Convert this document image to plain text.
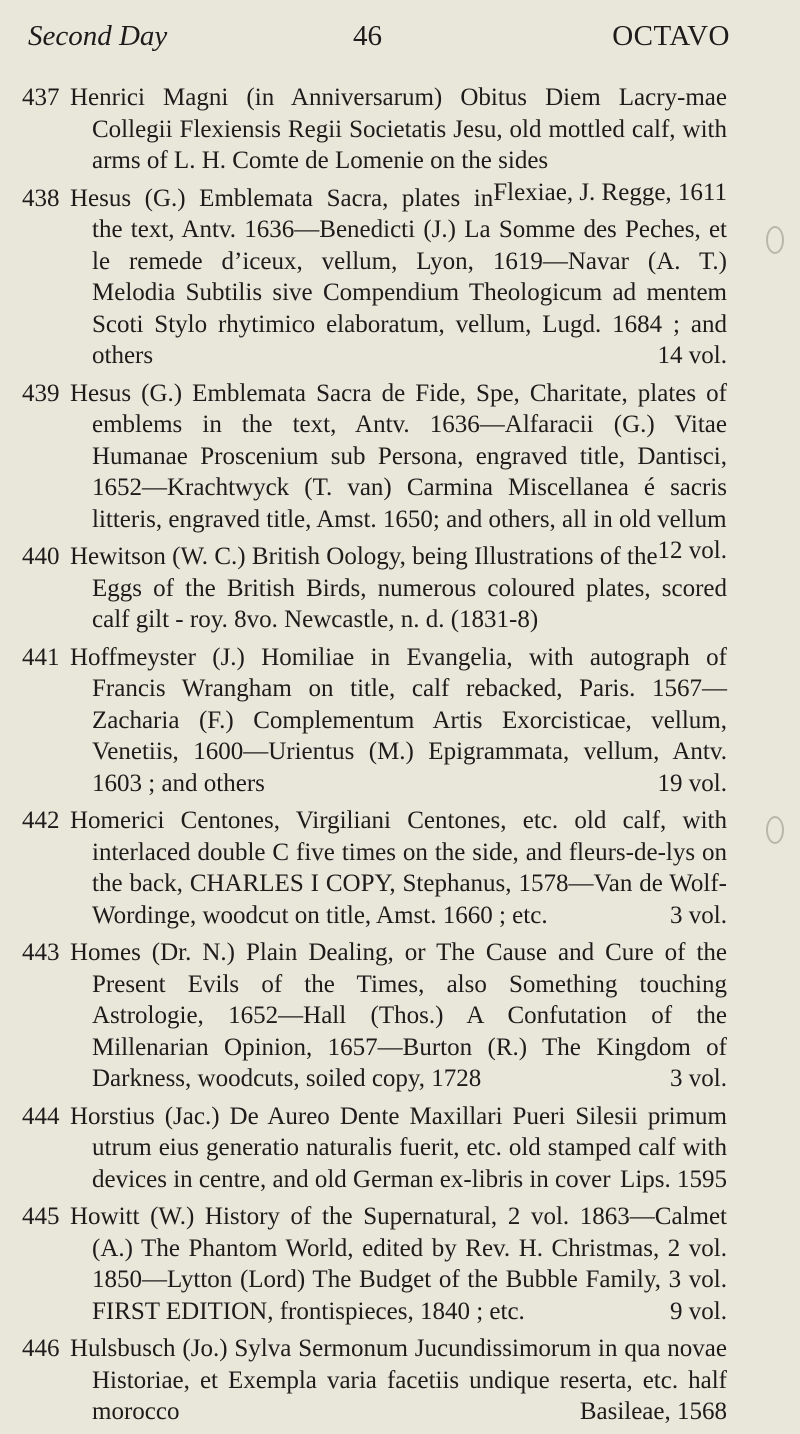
Second Day	46	OCTAVO
437 Henrici Magni (in Anniversarum) Obitus Diem Lacry-mae Collegii Flexiensis Regii Societatis Jesu, old mottled calf, with arms of L. H. Comte de Lomenie on the sides
Flexiae, J. Regge, 1611
438 Hesus (G.) Emblemata Sacra, plates in the text, Antv. 1636—Benedicti (J.) La Somme des Peches, et le remede d’iceux, vellum, Lyon, 1619—Navar (A. T.) Melodia Subtilis sive Compendium Theologicum ad mentem Scoti Stylo rhytimico elaboratum, vellum, Lugd. 1684 ; and others	14 vol.
439 Hesus (G.) Emblemata Sacra de Fide, Spe, Charitate, plates of emblems in the text, Antv. 1636—Alfaracii (G.) Vitae Humanae Proscenium sub Persona, engraved title, Dantisci, 1652—Krachtwyck (T. van) Carmina Miscellanea é sacris litteris, engraved title, Amst. 1650; and others, all in old vellum
12 vol.
440 Hewitson (W. C.) British Oology, being Illustrations of the Eggs of the British Birds, numerous coloured plates, scored calf gilt - roy. 8vo. Newcastle, n. d. (1831-8)
441 Hoffmeyster (J.) Homiliae in Evangelia, with autograph of Francis Wrangham on title, calf rebacked, Paris. 1567—Zacharia (F.) Complementum Artis Exorcisticae, vellum, Venetiis, 1600—Urientus (M.) Epigrammata, vellum, Antv. 1603 ; and others	19 vol.
442 Homerici Centones, Virgiliani Centones, etc. old calf, with interlaced double C five times on the side, and fleurs-de-lys on the back, CHARLES I COPY, Stephanus, 1578—Van de Wolf-Wordinge, woodcut on title, Amst. 1660 ; etc.	3 vol.
443 Homes (Dr. N.) Plain Dealing, or The Cause and Cure of the Present Evils of the Times, also Something touching Astrologie, 1652—Hall (Thos.) A Confutation of the Millenarian Opinion, 1657—Burton (R.) The Kingdom of Darkness, woodcuts, soiled copy, 1728	3 vol.
444 Horstius (Jac.) De Aureo Dente Maxillari Pueri Silesii primum utrum eius generatio naturalis fuerit, etc. old stamped calf with devices in centre, and old German ex-libris in cover Lips. 1595
445 Howitt (W.) History of the Supernatural, 2 vol. 1863—Calmet (A.) The Phantom World, edited by Rev. H. Christmas, 2 vol. 1850—Lytton (Lord) The Budget of the Bubble Family, 3 vol. FIRST EDITION, frontispieces, 1840 ; etc.	9 vol.
446 Hulsbusch (Jo.) Sylva Sermonum Jucundissimorum in qua novae Historiae, et Exempla varia facetiis undique reserta, etc. half morocco	Basileae, 1568
